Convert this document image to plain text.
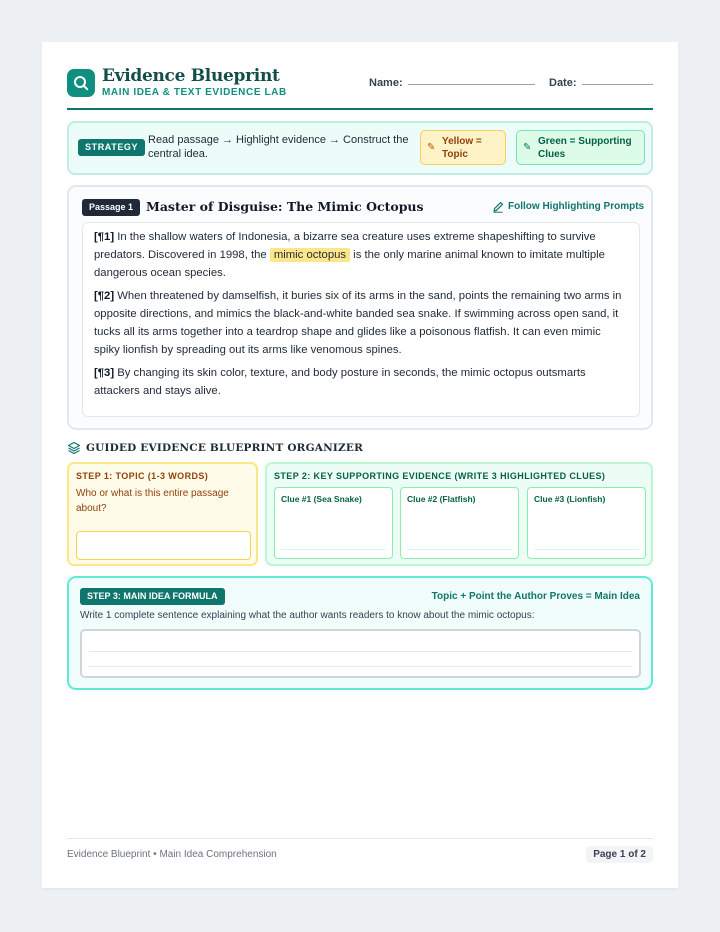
Evidence Blueprint
MAIN IDEA & TEXT EVIDENCE LAB
Name:	Date:
STRATEGY
Read passage → Highlight evidence → Construct the central idea.
✎
Yellow = Topic
✎
Green = Supporting Clues
Passage 1	Master of Disguise: The Mimic Octopus	Follow Highlighting Prompts

[¶1] In the shallow waters of Indonesia, a bizarre sea creature uses extreme shapeshifting to survive predators. Discovered in 1998, the mimic octopus is the only marine animal known to imitate multiple dangerous ocean species.

[¶2] When threatened by damselfish, it buries six of its arms in the sand, points the remaining two arms in opposite directions, and mimics the black-and-white banded sea snake. If swimming across open sand, it tucks all its arms together into a teardrop shape and glides like a poisonous flatfish. It can even mimic spiky lionfish by spreading out its arms like venomous spines.

[¶3] By changing its skin color, texture, and body posture in seconds, the mimic octopus outsmarts attackers and stays alive.

GUIDED EVIDENCE BLUEPRINT ORGANIZER
STEP 1: TOPIC (1-3 WORDS)
Who or what is this entire passage about?
STEP 2: KEY SUPPORTING EVIDENCE (WRITE 3 HIGHLIGHTED CLUES)
Clue #1 (Sea Snake)	Clue #2 (Flatfish)	Clue #3 (Lionfish)
STEP 3: MAIN IDEA FORMULA	Topic + Point the Author Proves = Main Idea
Write 1 complete sentence explaining what the author wants readers to know about the mimic octopus:
Evidence Blueprint • Main Idea Comprehension	Page 1 of 2
